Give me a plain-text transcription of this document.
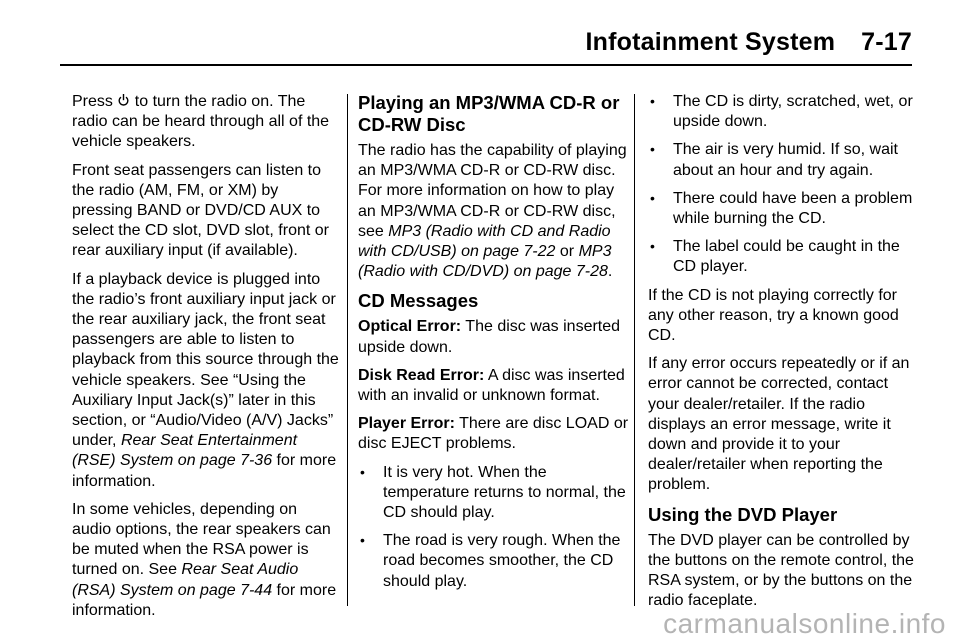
Infotainment System 7-17

Press
to turn the radio on. The radio can be heard through all of the vehicle speakers.

Front seat passengers can listen to the radio (AM, FM, or XM) by pressing BAND or DVD/CD AUX to select the CD slot, DVD slot, front or rear auxiliary input (if available).

If a playback device is plugged into the radio’s front auxiliary input jack or the rear auxiliary jack, the front seat passengers are able to listen to playback from this source through the vehicle speakers. See “Using the Auxiliary Input Jack(s)” later in this section, or “Audio/Video (A/V) Jacks” under, Rear Seat Entertainment (RSE) System on page 7‑36 for more information.

In some vehicles, depending on audio options, the rear speakers can be muted when the RSA power is turned on. See Rear Seat Audio (RSA) System on page 7‑44 for more information.

Playing an MP3/WMA CD-R or CD-RW Disc

The radio has the capability of playing an MP3/WMA CD-R or CD-RW disc. For more information on how to play an MP3/WMA CD-R or CD-RW disc, see MP3 (Radio with CD and Radio with CD/USB) on page 7‑22 or MP3 (Radio with CD/DVD) on page 7‑28.

CD Messages

Optical Error: The disc was inserted upside down.

Disk Read Error: A disc was inserted with an invalid or unknown format.

Player Error: There are disc LOAD or disc EJECT problems.

• It is very hot. When the temperature returns to normal, the CD should play.
• The road is very rough. When the road becomes smoother, the CD should play.
• The CD is dirty, scratched, wet, or upside down.
• The air is very humid. If so, wait about an hour and try again.
• There could have been a problem while burning the CD.
• The label could be caught in the CD player.

If the CD is not playing correctly for any other reason, try a known good CD.

If any error occurs repeatedly or if an error cannot be corrected, contact your dealer/retailer. If the radio displays an error message, write it down and provide it to your dealer/retailer when reporting the problem.

Using the DVD Player

The DVD player can be controlled by the buttons on the remote control, the RSA system, or by the buttons on the radio faceplate.

carmanualsonline.info
